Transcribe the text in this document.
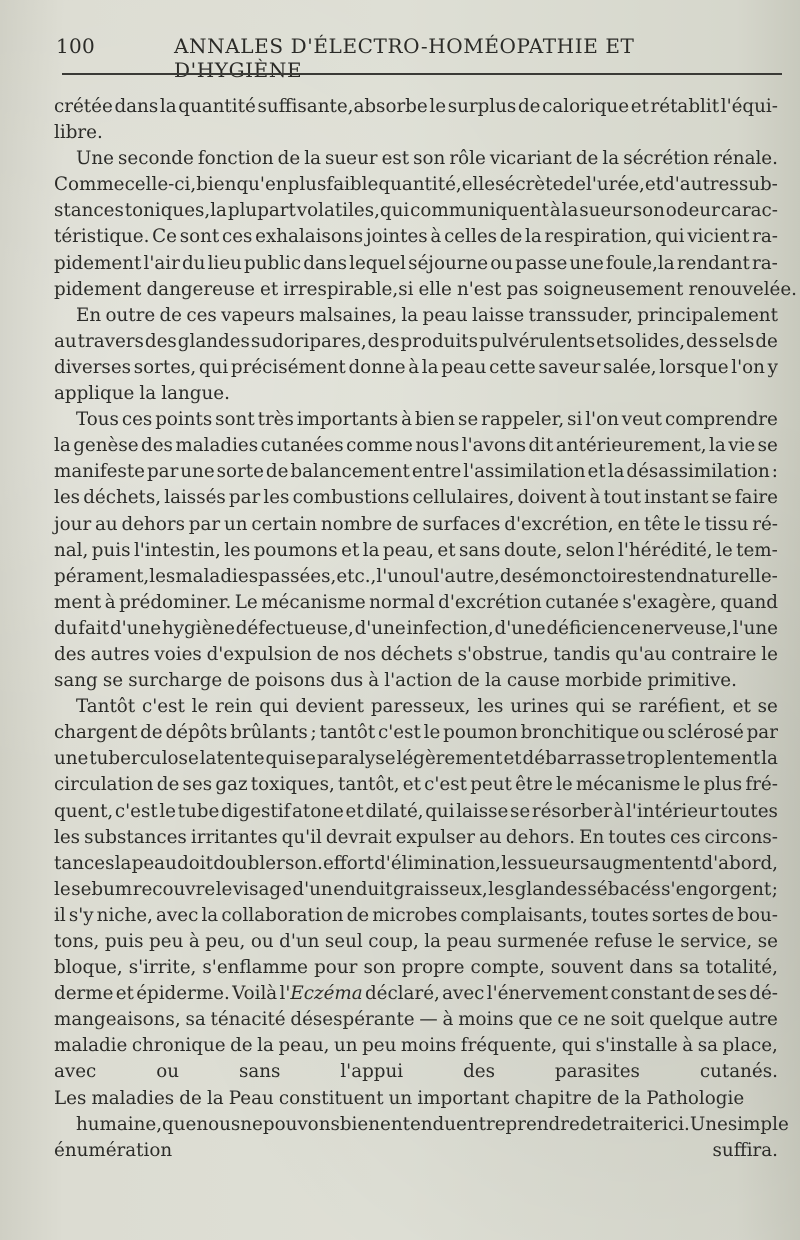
100	ANNALES D'ÉLECTRO-HOMÉOPATHIE ET D'HYGIÈNE
crétée dans la quantité suffisante,absorbe le surplus de calorique et rétablit l'équi-
libre.
Une seconde fonction de la sueur est son rôle vicariant de la sécrétion rénale.
Comme celle-ci,bien qu'en plus faible quantité,elle sécrète de l'urée,et d'autres sub-
stances toniques,la plupart volatiles,qui communiquent à la sueur son odeur carac-
téristique. Ce sont ces exhalaisons jointes à celles de la respiration, qui vicient ra-
pidement l'air du lieu public dans lequel séjourne ou passe une foule,la rendant ra-
pidement dangereuse et irrespirable,si elle n'est pas soigneusement renouvelée.
En outre de ces vapeurs malsaines, la peau laisse transsuder, principalement
au travers des glandes sudoripares, des produits pulvérulents et solides, des sels de
diverses sortes, qui précisément donne à la peau cette saveur salée, lorsque l'on y
applique la langue.
Tous ces points sont très importants à bien se rappeler, si l'on veut comprendre
la genèse des maladies cutanées comme nous l'avons dit antérieurement, la vie se
manifeste par une sorte de balancement entre l'assimilation et la désassimilation :
les déchets, laissés par les combustions cellulaires, doivent à tout instant se faire
jour au dehors par un certain nombre de surfaces d'excrétion, en tête le tissu ré-
nal, puis l'intestin, les poumons et la peau, et sans doute, selon l'hérédité, le tem-
pérament, les maladies passées, etc., l'un ou l'autre, des émonctoires tend naturelle-
ment à prédominer. Le mécanisme normal d'excrétion cutanée s'exagère, quand
du fait d'une hygiène défectueuse, d'une infection, d'une déficience nerveuse, l'une
des autres voies d'expulsion de nos déchets s'obstrue, tandis qu'au contraire le
sang se surcharge de poisons dus à l'action de la cause morbide primitive.
Tantôt c'est le rein qui devient paresseux, les urines qui se raréfient, et se
chargent de dépôts brûlants ; tantôt c'est le poumon bronchitique ou sclérosé par
une tuberculose latente qui se paralyse légèrement et débarrasse trop lentement la
circulation de ses gaz toxiques, tantôt, et c'est peut être le mécanisme le plus fré-
quent, c'est le tube digestif atone et dilaté, qui laisse se résorber à l'intérieur toutes
les substances irritantes qu'il devrait expulser au dehors. En toutes ces circons-
tances la peau doit doubler son.effort d'élimination, les sueurs augmentent d'abord,
le sebum recouvre le visage d'un enduit graisseux, les glandes sébacés s'engorgent ;
il s'y niche, avec la collaboration de microbes complaisants, toutes sortes de bou-
tons, puis peu à peu, ou d'un seul coup, la peau surmenée refuse le service, se
bloque, s'irrite, s'enflamme pour son propre compte, souvent dans sa totalité,
derme et épiderme. Voilà l'Eczéma déclaré, avec l'énervement constant de ses dé-
mangeaisons, sa ténacité désespérante — à moins que ce ne soit quelque autre
maladie chronique de la peau, un peu moins fréquente, qui s'installe à sa place,
avec	ou	sans	l'appui	des	parasites	cutanés.
Les maladies de la Peau constituent un important chapitre de la Pathologie
humaine, que nous ne pouvons bien entendu entreprendre de traiter ici. Une simple
énumération	suffira.
